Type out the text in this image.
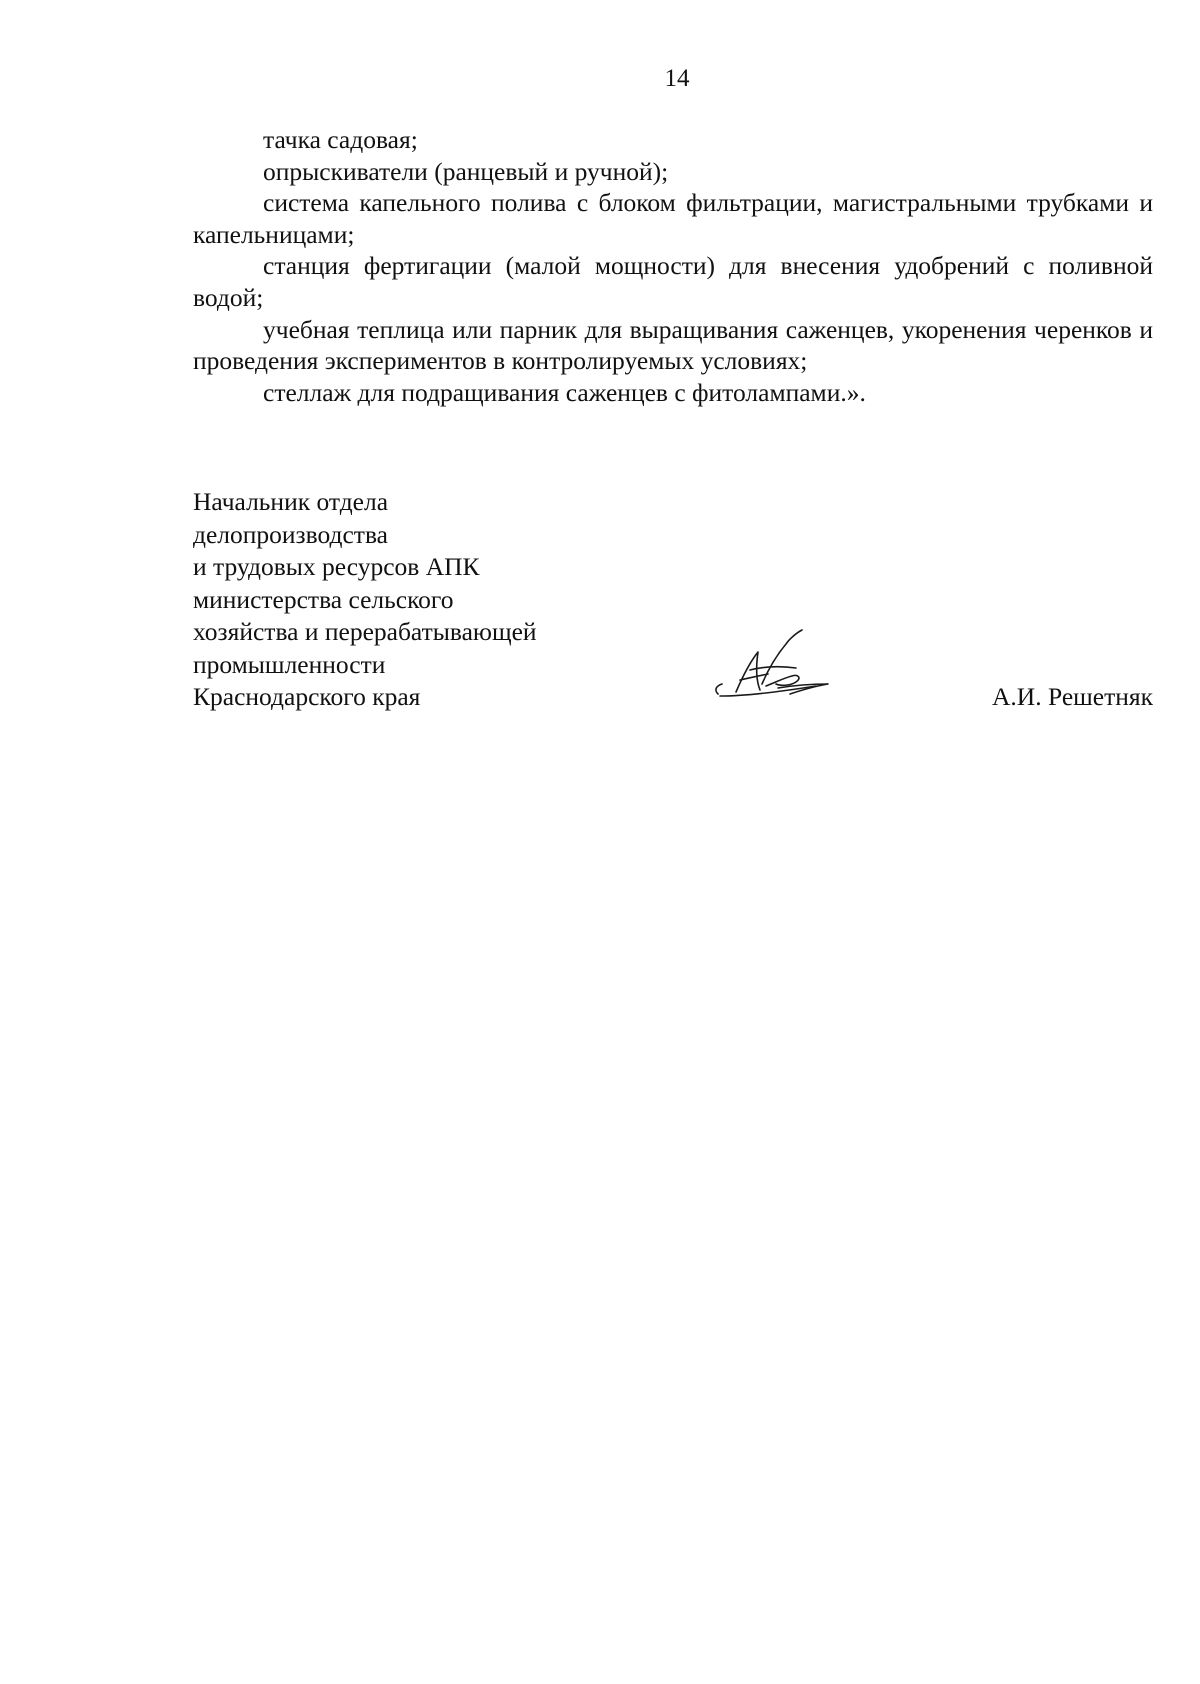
14

тачка садовая;

опрыскиватели (ранцевый и ручной);

система капельного полива с блоком фильтрации, магистральными трубками и капельницами;

станция фертигации (малой мощности) для внесения удобрений с поливной водой;

учебная теплица или парник для выращивания саженцев, укоренения черенков и проведения экспериментов в контролируемых условиях;

стеллаж для подращивания саженцев с фитолампами.».

Начальник отдела
делопроизводства
и трудовых ресурсов АПК
министерства сельского
хозяйства и перерабатывающей
промышленности
Краснодарского края	А.И. Решетняк
